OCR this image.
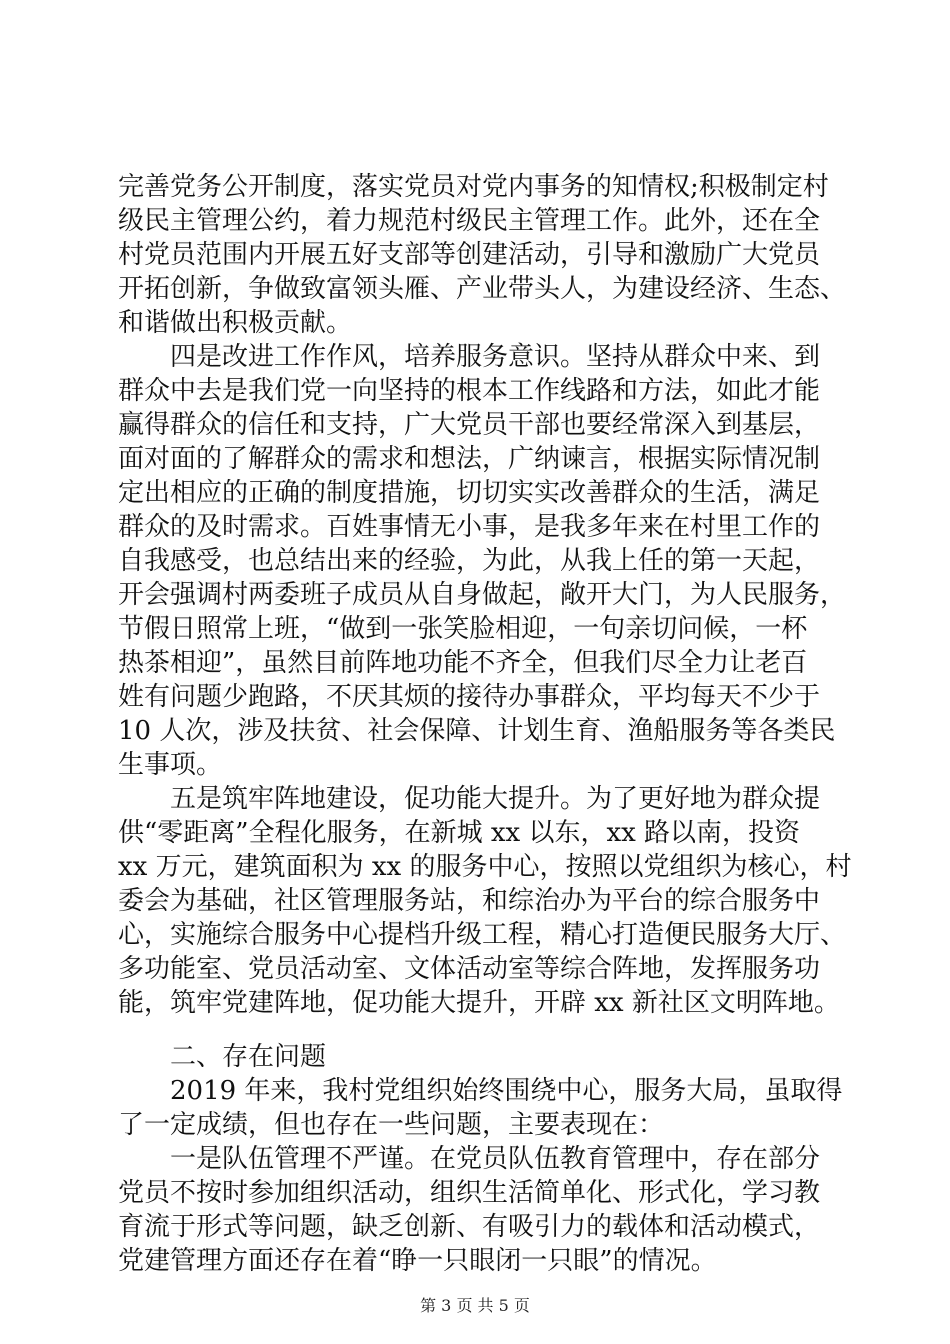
完善党务公开制度，落实党员对党内事务的知情权;积极制定村
级民主管理公约，着力规范村级民主管理工作。此外，还在全
村党员范围内开展五好支部等创建活动，引导和激励广大党员
开拓创新，争做致富领头雁、产业带头人，为建设经济、生态、
和谐做出积极贡献。
　　四是改进工作作风，培养服务意识。坚持从群众中来、到
群众中去是我们党一向坚持的根本工作线路和方法，如此才能
赢得群众的信任和支持，广大党员干部也要经常深入到基层，
面对面的了解群众的需求和想法，广纳谏言，根据实际情况制
定出相应的正确的制度措施，切切实实改善群众的生活，满足
群众的及时需求。百姓事情无小事，是我多年来在村里工作的
自我感受，也总结出来的经验，为此，从我上任的第一天起，
开会强调村两委班子成员从自身做起，敞开大门，为人民服务，
节假日照常上班，“做到一张笑脸相迎，一句亲切问候，一杯
热茶相迎”，虽然目前阵地功能不齐全，但我们尽全力让老百
姓有问题少跑路，不厌其烦的接待办事群众，平均每天不少于
10 人次，涉及扶贫、社会保障、计划生育、渔船服务等各类民
生事项。
　　五是筑牢阵地建设，促功能大提升。为了更好地为群众提
供“零距离”全程化服务，在新城 xx 以东，xx 路以南，投资
xx 万元，建筑面积为 xx 的服务中心，按照以党组织为核心，村
委会为基础，社区管理服务站，和综治办为平台的综合服务中
心，实施综合服务中心提档升级工程，精心打造便民服务大厅、
多功能室、党员活动室、文体活动室等综合阵地，发挥服务功
能，筑牢党建阵地，促功能大提升，开辟 xx 新社区文明阵地。
　　二、存在问题
　　2019 年来，我村党组织始终围绕中心，服务大局，虽取得
了一定成绩，但也存在一些问题，主要表现在：
　　一是队伍管理不严谨。在党员队伍教育管理中，存在部分
党员不按时参加组织活动，组织生活简单化、形式化，学习教
育流于形式等问题，缺乏创新、有吸引力的载体和活动模式，
党建管理方面还存在着“睁一只眼闭一只眼”的情况。
第 3 页 共 5 页
